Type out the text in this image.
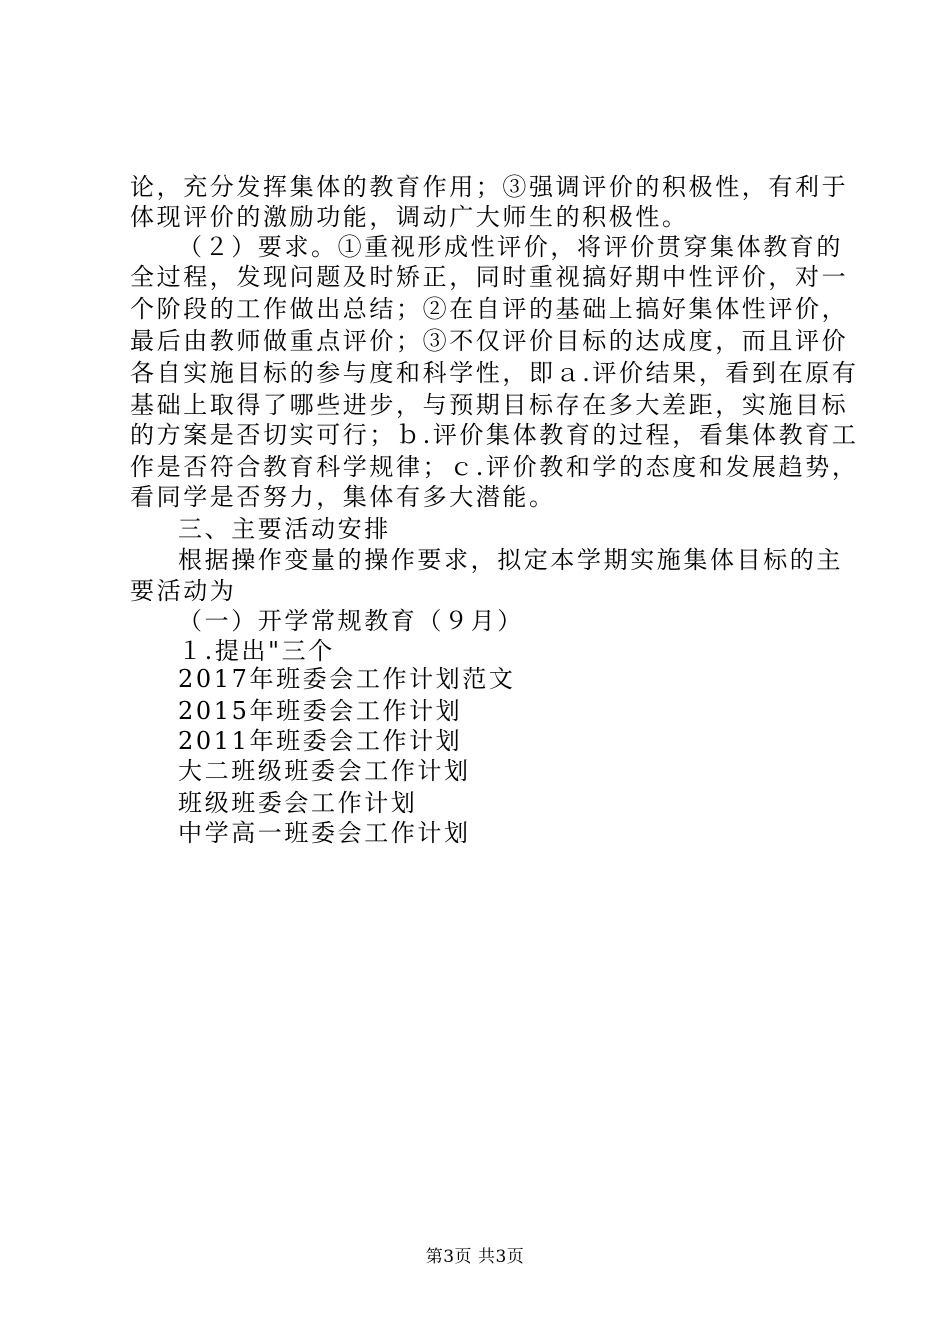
论，充分发挥集体的教育作用；③强调评价的积极性，有利于
体现评价的激励功能，调动广大师生的积极性。
（２）要求。①重视形成性评价，将评价贯穿集体教育的
全过程，发现问题及时矫正，同时重视搞好期中性评价，对一
个阶段的工作做出总结；②在自评的基础上搞好集体性评价，
最后由教师做重点评价；③不仅评价目标的达成度，而且评价
各自实施目标的参与度和科学性，即ａ.评价结果，看到在原有
基础上取得了哪些进步，与预期目标存在多大差距，实施目标
的方案是否切实可行；ｂ.评价集体教育的过程，看集体教育工
作是否符合教育科学规律；ｃ.评价教和学的态度和发展趋势，
看同学是否努力，集体有多大潜能。
三、主要活动安排
根据操作变量的操作要求，拟定本学期实施集体目标的主
要活动为
（一）开学常规教育（９月）
１.提出"三个
2017年班委会工作计划范文
2015年班委会工作计划
2011年班委会工作计划
大二班级班委会工作计划
班级班委会工作计划
中学高一班委会工作计划
第3页 共3页
